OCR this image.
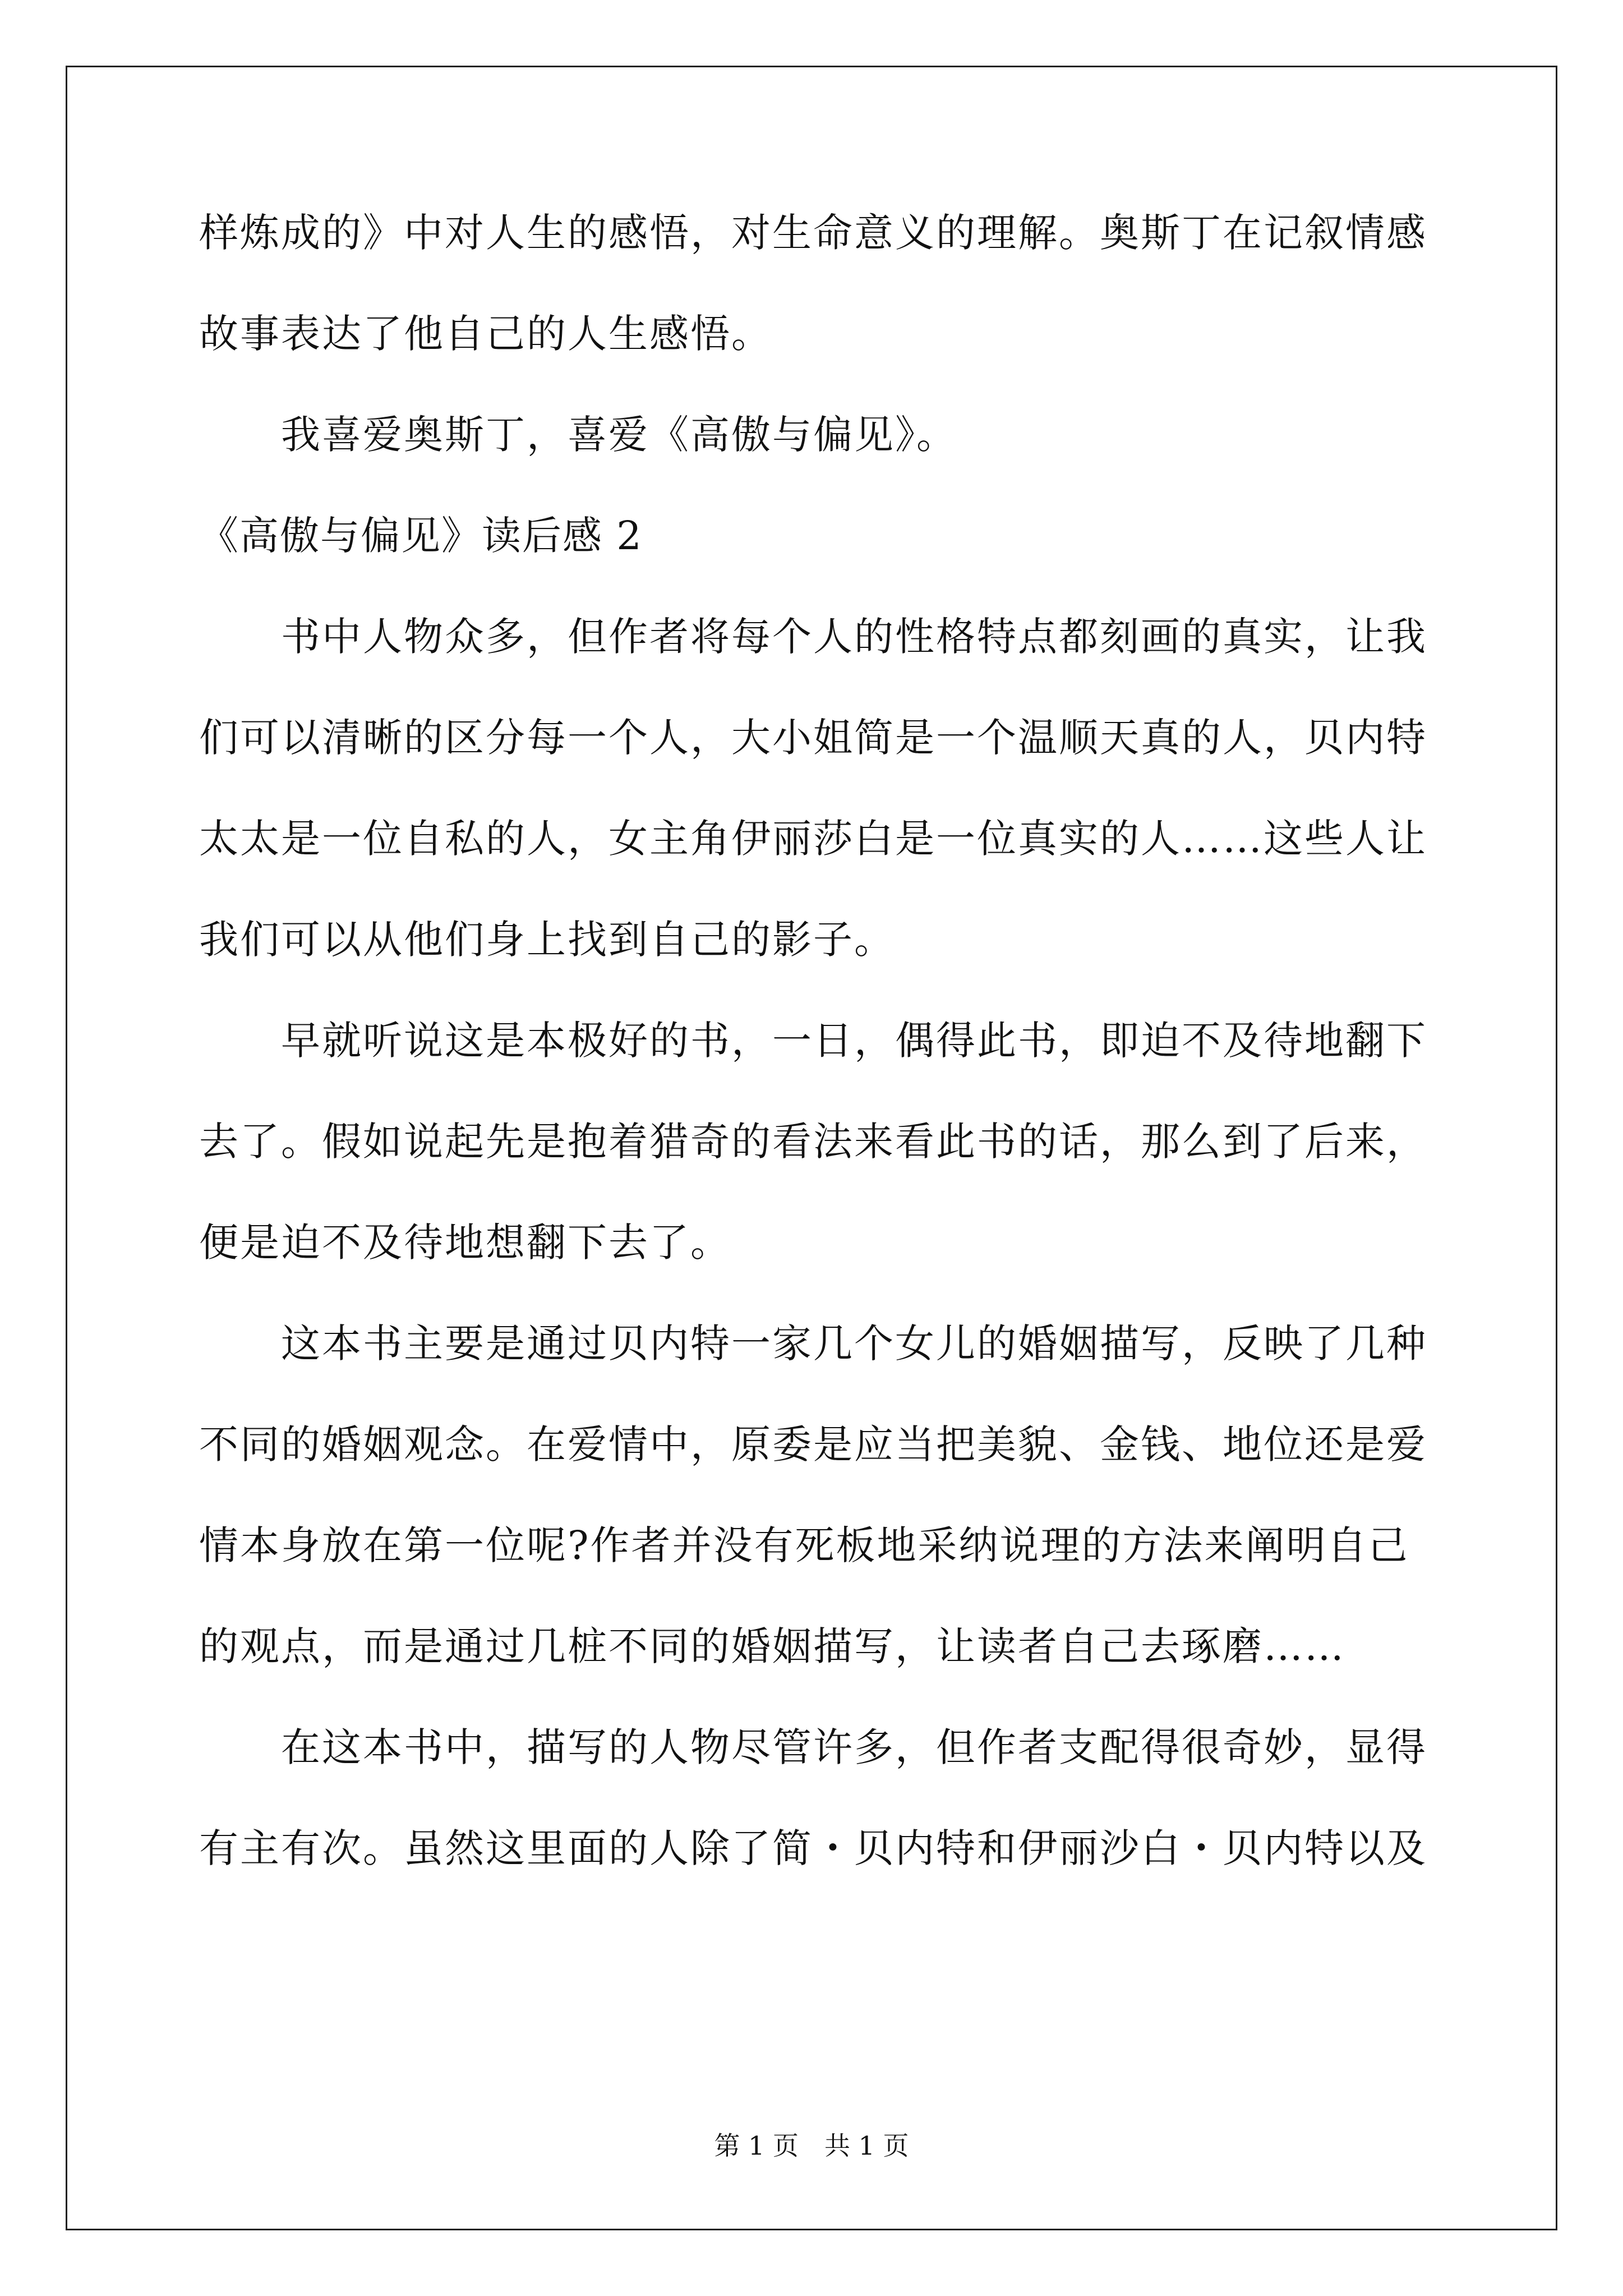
样炼成的》中对人生的感悟，对生命意义的理解。奥斯丁在记叙情感
故事表达了他自己的人生感悟。
我喜爱奥斯丁，喜爱《高傲与偏见》。
《高傲与偏见》读后感 2
书中人物众多，但作者将每个人的性格特点都刻画的真实，让我
们可以清晰的区分每一个人，大小姐简是一个温顺天真的人，贝内特
太太是一位自私的人，女主角伊丽莎白是一位真实的人……这些人让
我们可以从他们身上找到自己的影子。
早就听说这是本极好的书，一日，偶得此书，即迫不及待地翻下
去了。假如说起先是抱着猎奇的看法来看此书的话，那么到了后来，
便是迫不及待地想翻下去了。
这本书主要是通过贝内特一家几个女儿的婚姻描写，反映了几种
不同的婚姻观念。在爱情中，原委是应当把美貌、金钱、地位还是爱
情本身放在第一位呢?作者并没有死板地采纳说理的方法来阐明自己
的观点，而是通过几桩不同的婚姻描写，让读者自己去琢磨……
在这本书中，描写的人物尽管许多，但作者支配得很奇妙，显得
有主有次。虽然这里面的人除了简・贝内特和伊丽沙白・贝内特以及
第 1 页　共 1 页
